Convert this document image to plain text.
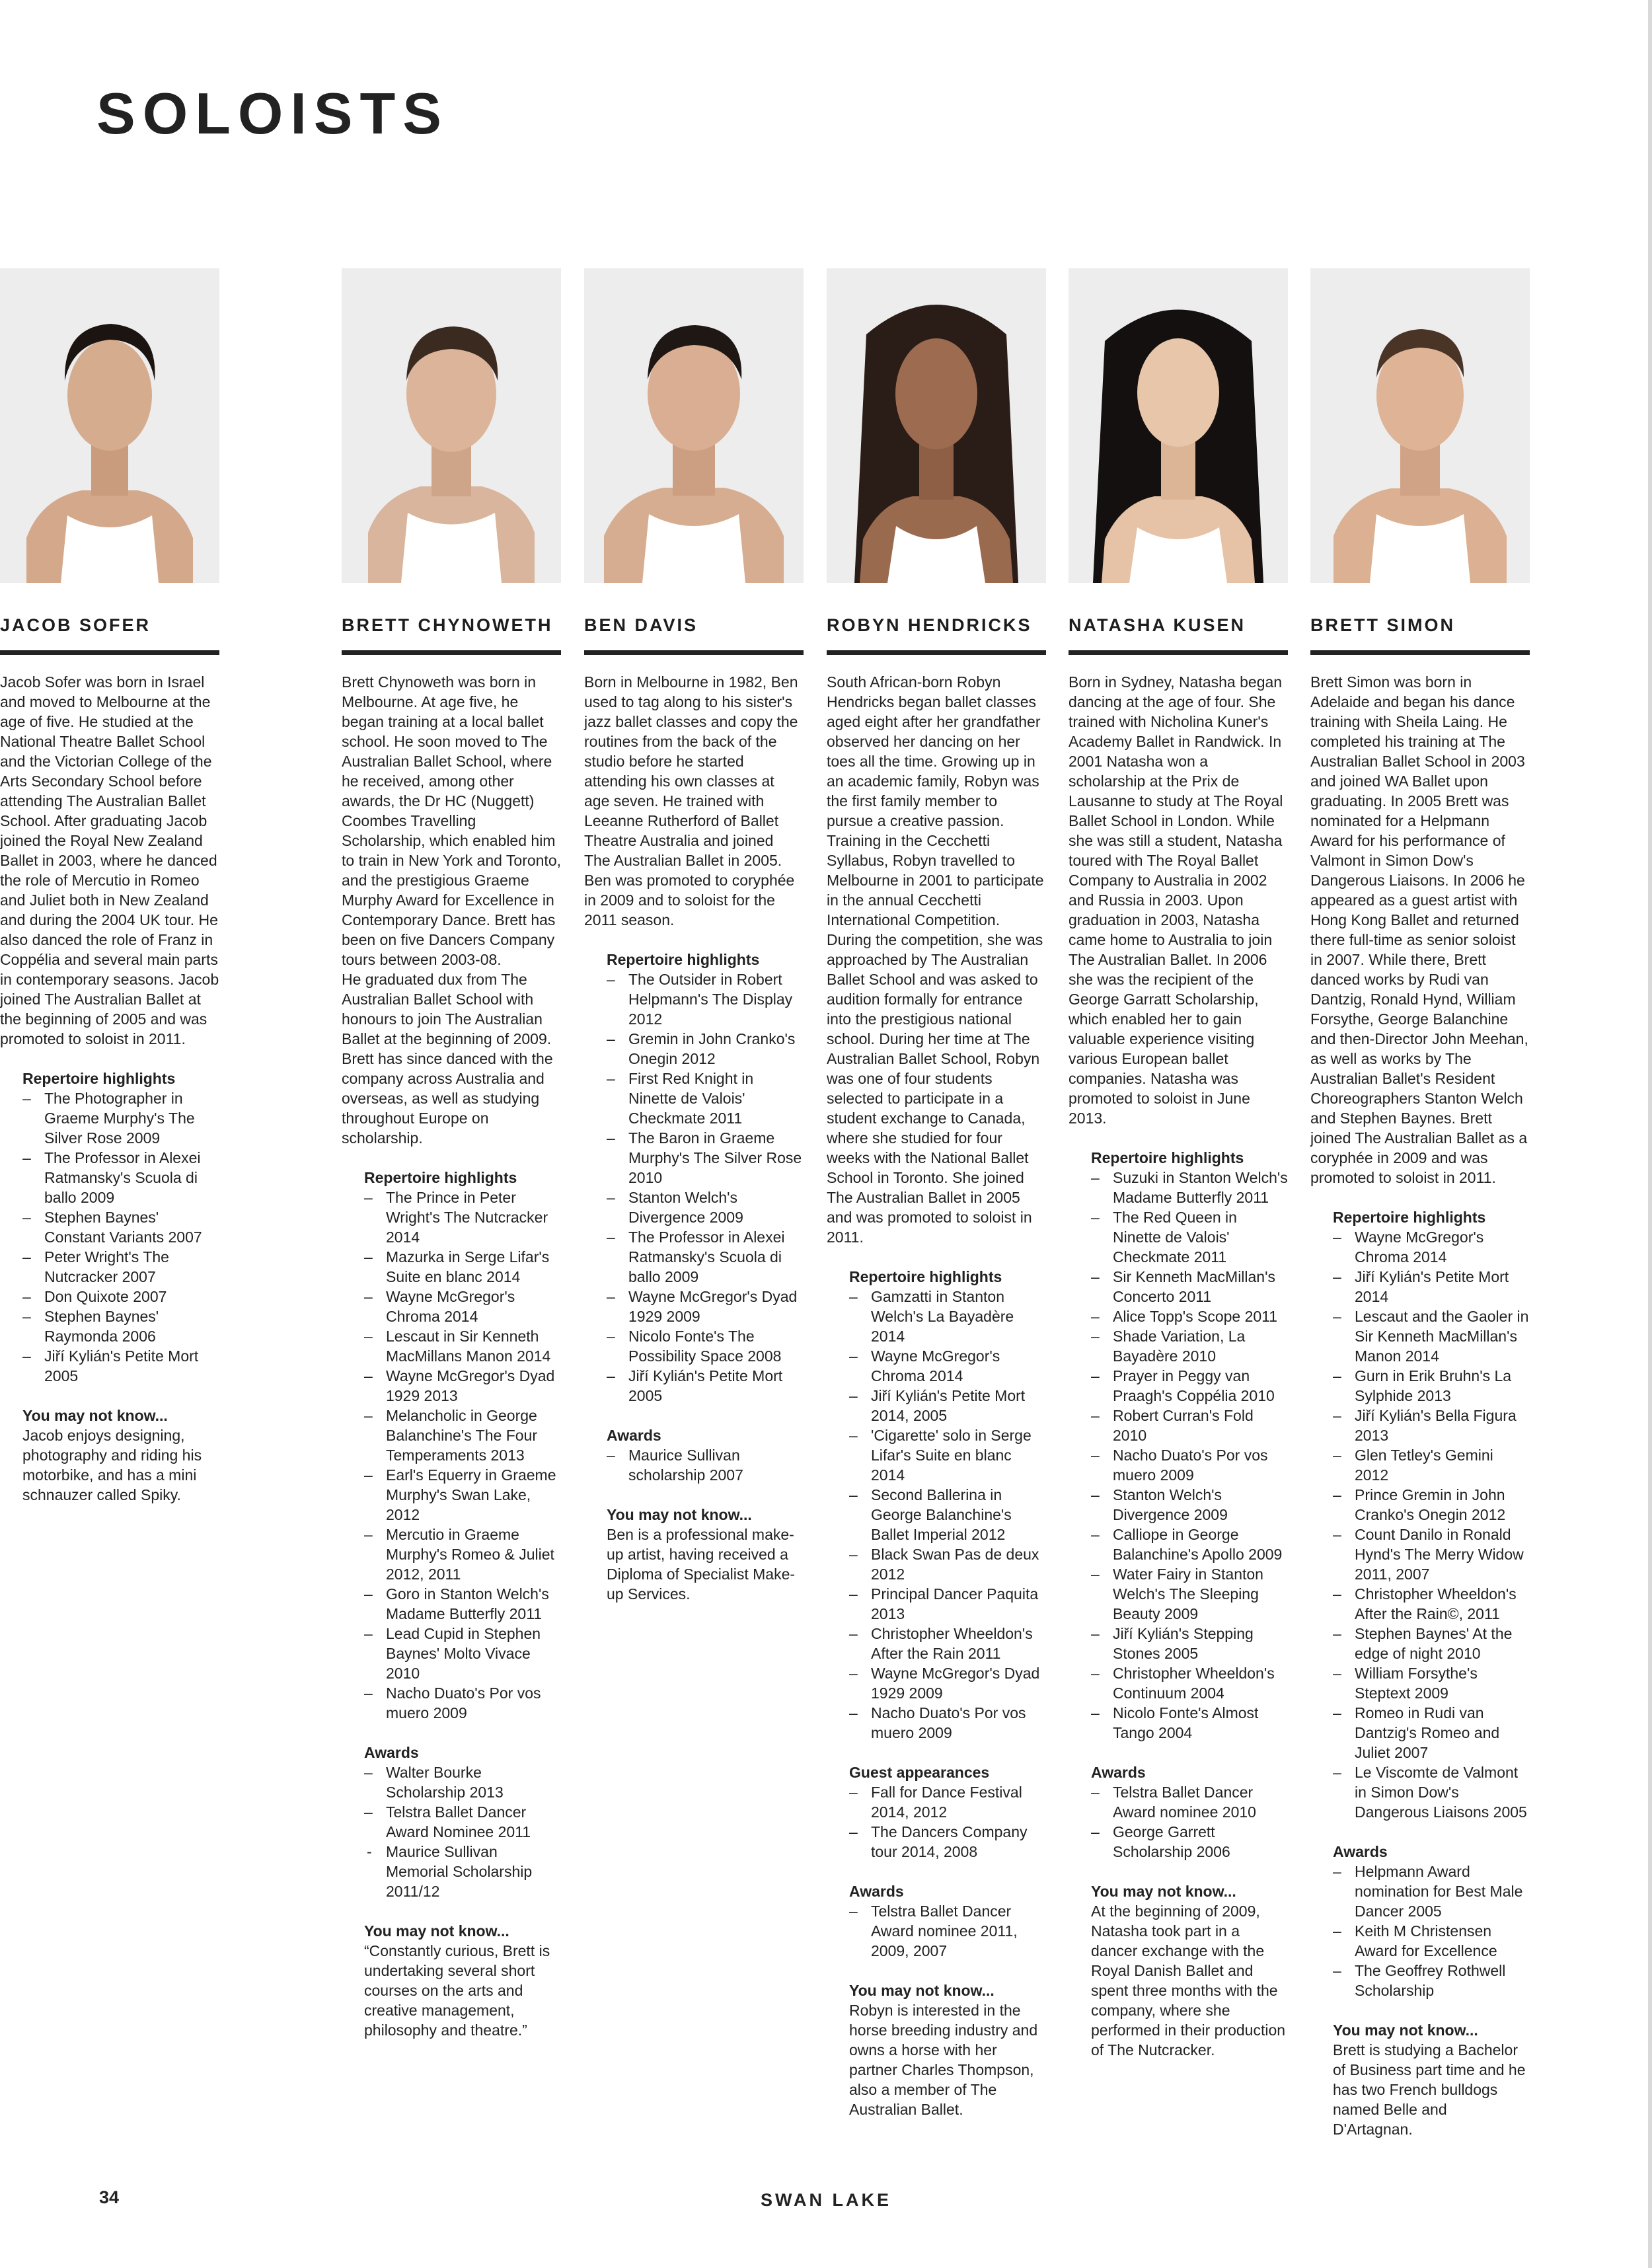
SOLOISTS
BRETT CHYNOWETH

Brett Chynoweth was born in Melbourne. At age five, he began training at a local ballet school. He soon moved to The Australian Ballet School, where he received, among other awards, the Dr HC (Nuggett) Coombes Travelling Scholarship, which enabled him to train in New York and Toronto, and the prestigious Graeme Murphy Award for Excellence in Contemporary Dance. Brett has been on five Dancers Company tours between 2003-08.

He graduated dux from The Australian Ballet School with honours to join The Australian Ballet at the beginning of 2009. Brett has since danced with the company across Australia and overseas, as well as studying throughout Europe on scholarship.

Repertoire highlights
– The Prince in Peter Wright's The Nutcracker 2014
– Mazurka in Serge Lifar's Suite en blanc 2014
– Wayne McGregor's Chroma 2014
– Lescaut in Sir Kenneth MacMillans Manon 2014
– Wayne McGregor's Dyad 1929 2013
– Melancholic in George Balanchine's The Four Temperaments 2013
– Earl's Equerry in Graeme Murphy's Swan Lake, 2012
– Mercutio in Graeme Murphy's Romeo & Juliet 2012, 2011
– Goro in Stanton Welch's Madame Butterfly 2011
– Lead Cupid in Stephen Baynes' Molto Vivace 2010
– Nacho Duato's Por vos muero 2009
Awards
– Walter Bourke Scholarship 2013
– Telstra Ballet Dancer Award Nominee 2011
- Maurice Sullivan Memorial Scholarship 2011/12
You may not know...
“Constantly curious, Brett is undertaking several short courses on the arts and creative management, philosophy and theatre.”
BEN DAVIS

Born in Melbourne in 1982, Ben used to tag along to his sister's jazz ballet classes and copy the routines from the back of the studio before he started attending his own classes at age seven. He trained with Leeanne Rutherford of Ballet Theatre Australia and joined The Australian Ballet in 2005. Ben was promoted to coryphée in 2009 and to soloist for the 2011 season.

Repertoire highlights
– The Outsider in Robert Helpmann's The Display 2012
– Gremin in John Cranko's Onegin 2012
– First Red Knight in Ninette de Valois' Checkmate 2011
– The Baron in Graeme Murphy's The Silver Rose 2010
– Stanton Welch's Divergence 2009
– The Professor in Alexei Ratmansky's Scuola di ballo 2009
– Wayne McGregor's Dyad 1929 2009
– Nicolo Fonte's The Possibility Space 2008
– Jiří Kylián's Petite Mort 2005
Awards
– Maurice Sullivan scholarship 2007
You may not know...
Ben is a professional make-up artist, having received a Diploma of Specialist Make-up Services.
ROBYN HENDRICKS

South African-born Robyn Hendricks began ballet classes aged eight after her grandfather observed her dancing on her toes all the time. Growing up in an academic family, Robyn was the first family member to pursue a creative passion. Training in the Cecchetti Syllabus, Robyn travelled to Melbourne in 2001 to participate in the annual Cecchetti International Competition. During the competition, she was approached by The Australian Ballet School and was asked to audition formally for entrance into the prestigious national school. During her time at The Australian Ballet School, Robyn was one of four students selected to participate in a student exchange to Canada, where she studied for four weeks with the National Ballet School in Toronto. She joined The Australian Ballet in 2005 and was promoted to soloist in 2011.

Repertoire highlights
– Gamzatti in Stanton Welch's La Bayadère 2014
– Wayne McGregor's Chroma 2014
– Jiří Kylián's Petite Mort 2014, 2005
– 'Cigarette' solo in Serge Lifar's Suite en blanc 2014
– Second Ballerina in George Balanchine's Ballet Imperial 2012
– Black Swan Pas de deux 2012
– Principal Dancer Paquita 2013
– Christopher Wheeldon's After the Rain 2011
– Wayne McGregor's Dyad 1929 2009
– Nacho Duato's Por vos muero 2009
Guest appearances
– Fall for Dance Festival 2014, 2012
– The Dancers Company tour 2014, 2008
Awards
– Telstra Ballet Dancer Award nominee 2011, 2009, 2007
You may not know...
Robyn is interested in the horse breeding industry and owns a horse with her partner Charles Thompson, also a member of The Australian Ballet.
NATASHA KUSEN

Born in Sydney, Natasha began dancing at the age of four. She trained with Nicholina Kuner's Academy Ballet in Randwick. In 2001 Natasha won a scholarship at the Prix de Lausanne to study at The Royal Ballet School in London. While she was still a student, Natasha toured with The Royal Ballet Company to Australia in 2002 and Russia in 2003. Upon graduation in 2003, Natasha came home to Australia to join The Australian Ballet. In 2006 she was the recipient of the George Garratt Scholarship, which enabled her to gain valuable experience visiting various European ballet companies. Natasha was promoted to soloist in June 2013.

Repertoire highlights
– Suzuki in Stanton Welch's Madame Butterfly 2011
– The Red Queen in Ninette de Valois' Checkmate 2011
– Sir Kenneth MacMillan's Concerto 2011
– Alice Topp's Scope 2011
– Shade Variation, La Bayadère 2010
– Prayer in Peggy van Praagh's Coppélia 2010
– Robert Curran's Fold 2010
– Nacho Duato's Por vos muero 2009
– Stanton Welch's Divergence 2009
– Calliope in George Balanchine's Apollo 2009
– Water Fairy in Stanton Welch's The Sleeping Beauty 2009
– Jiří Kylián's Stepping Stones 2005
– Christopher Wheeldon's Continuum 2004
– Nicolo Fonte's Almost Tango 2004
Awards
– Telstra Ballet Dancer Award nominee 2010
– George Garrett Scholarship 2006
You may not know...
At the beginning of 2009, Natasha took part in a dancer exchange with the Royal Danish Ballet and spent three months with the company, where she performed in their production of The Nutcracker.
BRETT SIMON

Brett Simon was born in Adelaide and began his dance training with Sheila Laing. He completed his training at The Australian Ballet School in 2003 and joined WA Ballet upon graduating. In 2005 Brett was nominated for a Helpmann Award for his performance of Valmont in Simon Dow's Dangerous Liaisons. In 2006 he appeared as a guest artist with Hong Kong Ballet and returned there full-time as senior soloist in 2007. While there, Brett danced works by Rudi van Dantzig, Ronald Hynd, William Forsythe, George Balanchine and then-Director John Meehan, as well as works by The Australian Ballet's Resident Choreographers Stanton Welch and Stephen Baynes. Brett joined The Australian Ballet as a coryphée in 2009 and was promoted to soloist in 2011.

Repertoire highlights
– Wayne McGregor's Chroma 2014
– Jiří Kylián's Petite Mort 2014
– Lescaut and the Gaoler in Sir Kenneth MacMillan's Manon 2014
– Gurn in Erik Bruhn's La Sylphide 2013
– Jiří Kylián's Bella Figura 2013
– Glen Tetley's Gemini 2012
– Prince Gremin in John Cranko's Onegin 2012
– Count Danilo in Ronald Hynd's The Merry Widow 2011, 2007
– Christopher Wheeldon's After the Rain©, 2011
– Stephen Baynes' At the edge of night 2010
– William Forsythe's Steptext 2009
– Romeo in Rudi van Dantzig's Romeo and Juliet 2007
– Le Viscomte de Valmont in Simon Dow's Dangerous Liaisons 2005
Awards
– Helpmann Award nomination for Best Male Dancer 2005
– Keith M Christensen Award for Excellence
– The Geoffrey Rothwell Scholarship
You may not know...
Brett is studying a Bachelor of Business part time and he has two French bulldogs named Belle and D'Artagnan.
JACOB SOFER

Jacob Sofer was born in Israel and moved to Melbourne at the age of five. He studied at the National Theatre Ballet School and the Victorian College of the Arts Secondary School before attending The Australian Ballet School. After graduating Jacob joined the Royal New Zealand Ballet in 2003, where he danced the role of Mercutio in Romeo and Juliet both in New Zealand and during the 2004 UK tour. He also danced the role of Franz in Coppélia and several main parts in contemporary seasons. Jacob joined The Australian Ballet at the beginning of 2005 and was promoted to soloist in 2011.

Repertoire highlights
– The Photographer in Graeme Murphy's The Silver Rose 2009
– The Professor in Alexei Ratmansky's Scuola di ballo 2009
– Stephen Baynes' Constant Variants 2007
– Peter Wright's The Nutcracker 2007
– Don Quixote 2007
– Stephen Baynes' Raymonda 2006
– Jiří Kylián's Petite Mort 2005
You may not know...
Jacob enjoys designing, photography and riding his motorbike, and has a mini schnauzer called Spiky.
34	SWAN LAKE
